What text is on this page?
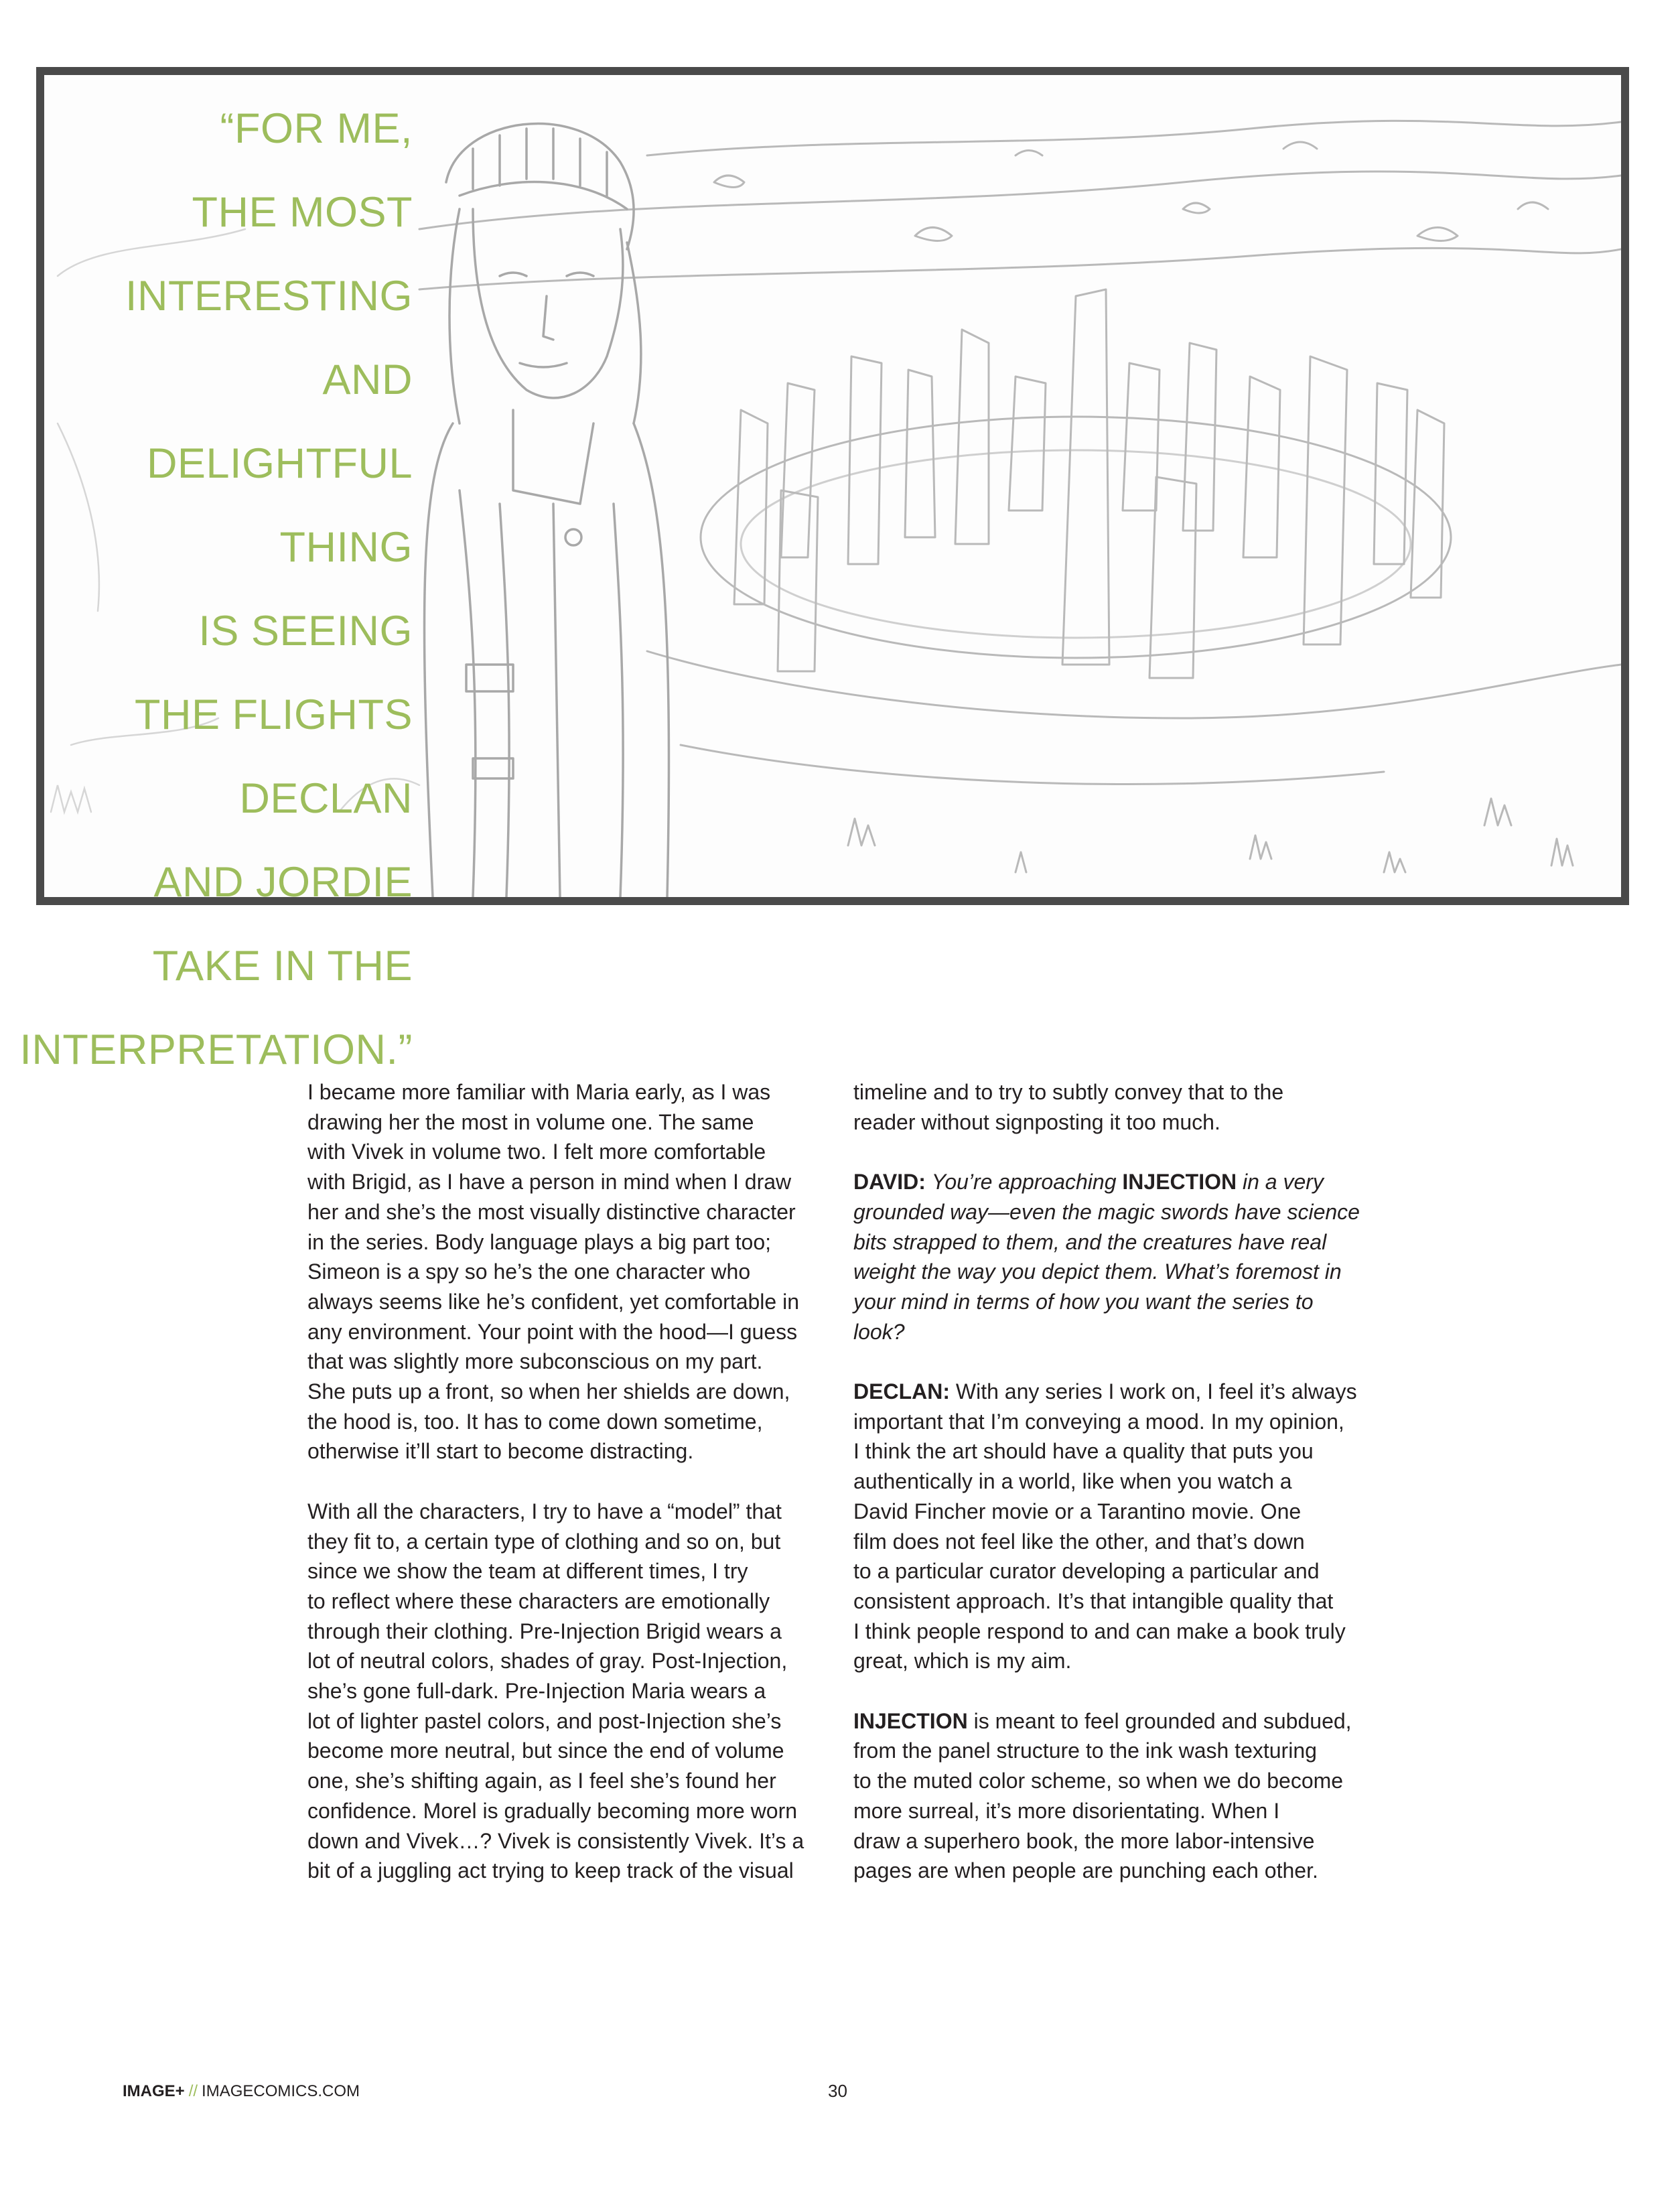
“FOR ME,
THE MOST
INTERESTING
AND
DELIGHTFUL
THING
IS SEEING
THE FLIGHTS
DECLAN
AND JORDIE
TAKE IN THE
INTERPRETATION.”

I became more familiar with Maria early, as I was
drawing her the most in volume one. The same
with Vivek in volume two. I felt more comfortable
with Brigid, as I have a person in mind when I draw
her and she’s the most visually distinctive character
in the series. Body language plays a big part too;
Simeon is a spy so he’s the one character who
always seems like he’s confident, yet comfortable in
any environment. Your point with the hood—I guess
that was slightly more subconscious on my part.
She puts up a front, so when her shields are down,
the hood is, too. It has to come down sometime,
otherwise it’ll start to become distracting.

With all the characters, I try to have a “model” that
they fit to, a certain type of clothing and so on, but
since we show the team at different times, I try
to reflect where these characters are emotionally
through their clothing. Pre-Injection Brigid wears a
lot of neutral colors, shades of gray. Post-Injection,
she’s gone full-dark. Pre-Injection Maria wears a
lot of lighter pastel colors, and post-Injection she’s
become more neutral, but since the end of volume
one, she’s shifting again, as I feel she’s found her
confidence. Morel is gradually becoming more worn
down and Vivek…? Vivek is consistently Vivek. It’s a
bit of a juggling act trying to keep track of the visual

timeline and to try to subtly convey that to the
reader without signposting it too much.

DAVID: You’re approaching INJECTION in a very
grounded way—even the magic swords have science
bits strapped to them, and the creatures have real
weight the way you depict them. What’s foremost in
your mind in terms of how you want the series to
look?

DECLAN: With any series I work on, I feel it’s always
important that I’m conveying a mood. In my opinion,
I think the art should have a quality that puts you
authentically in a world, like when you watch a
David Fincher movie or a Tarantino movie. One
film does not feel like the other, and that’s down
to a particular curator developing a particular and
consistent approach. It’s that intangible quality that
I think people respond to and can make a book truly
great, which is my aim.

INJECTION is meant to feel grounded and subdued,
from the panel structure to the ink wash texturing
to the muted color scheme, so when we do become
more surreal, it’s more disorientating. When I
draw a superhero book, the more labor-intensive
pages are when people are punching each other.

IMAGE+ // IMAGECOMICS.COM	30
